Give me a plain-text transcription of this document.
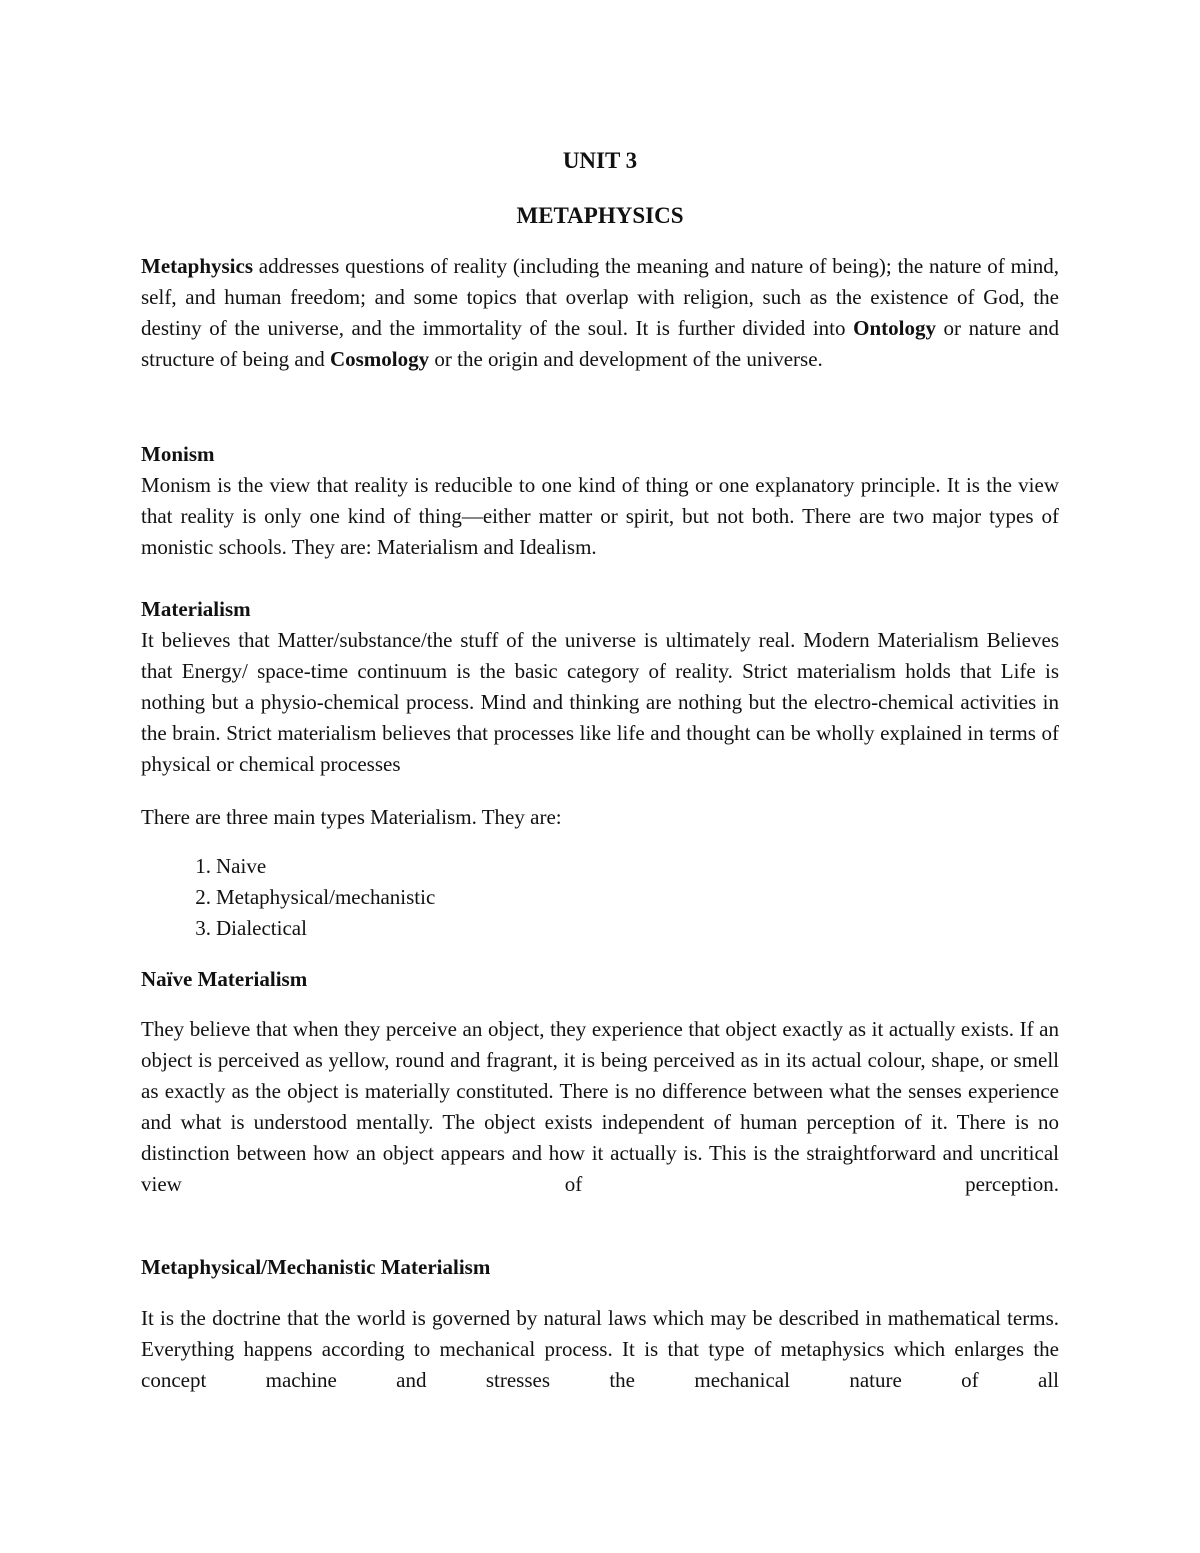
UNIT 3
METAPHYSICS

Metaphysics addresses questions of reality (including the meaning and nature of being); the nature of mind, self, and human freedom; and some topics that overlap with religion, such as the existence of God, the destiny of the universe, and the immortality of the soul. It is further divided into Ontology or nature and structure of being and Cosmology or the origin and development of the universe.

Monism

Monism is the view that reality is reducible to one kind of thing or one explanatory principle. It is the view that reality is only one kind of thing—either matter or spirit, but not both. There are two major types of monistic schools. They are: Materialism and Idealism.

Materialism

It believes that Matter/substance/the stuff of the universe is ultimately real. Modern Materialism Believes that Energy/ space-time continuum is the basic category of reality. Strict materialism holds that Life is nothing but a physio-chemical process. Mind and thinking are nothing but the electro-chemical activities in the brain. Strict materialism believes that processes like life and thought can be wholly explained in terms of physical or chemical processes

There are three main types Materialism. They are:

1. Naive
2. Metaphysical/mechanistic
3. Dialectical
Naïve Materialism

They believe that when they perceive an object, they experience that object exactly as it actually exists. If an object is perceived as yellow, round and fragrant, it is being perceived as in its actual colour, shape, or smell as exactly as the object is materially constituted. There is no difference between what the senses experience and what is understood mentally. The object exists independent of human perception of it. There is no distinction between how an object appears and how it actually is. This is the straightforward and uncritical view of perception.

Metaphysical/Mechanistic Materialism

It is the doctrine that the world is governed by natural laws which may be described in mathematical terms. Everything happens according to mechanical process. It is that type of metaphysics which enlarges the concept machine and stresses the mechanical nature of all
